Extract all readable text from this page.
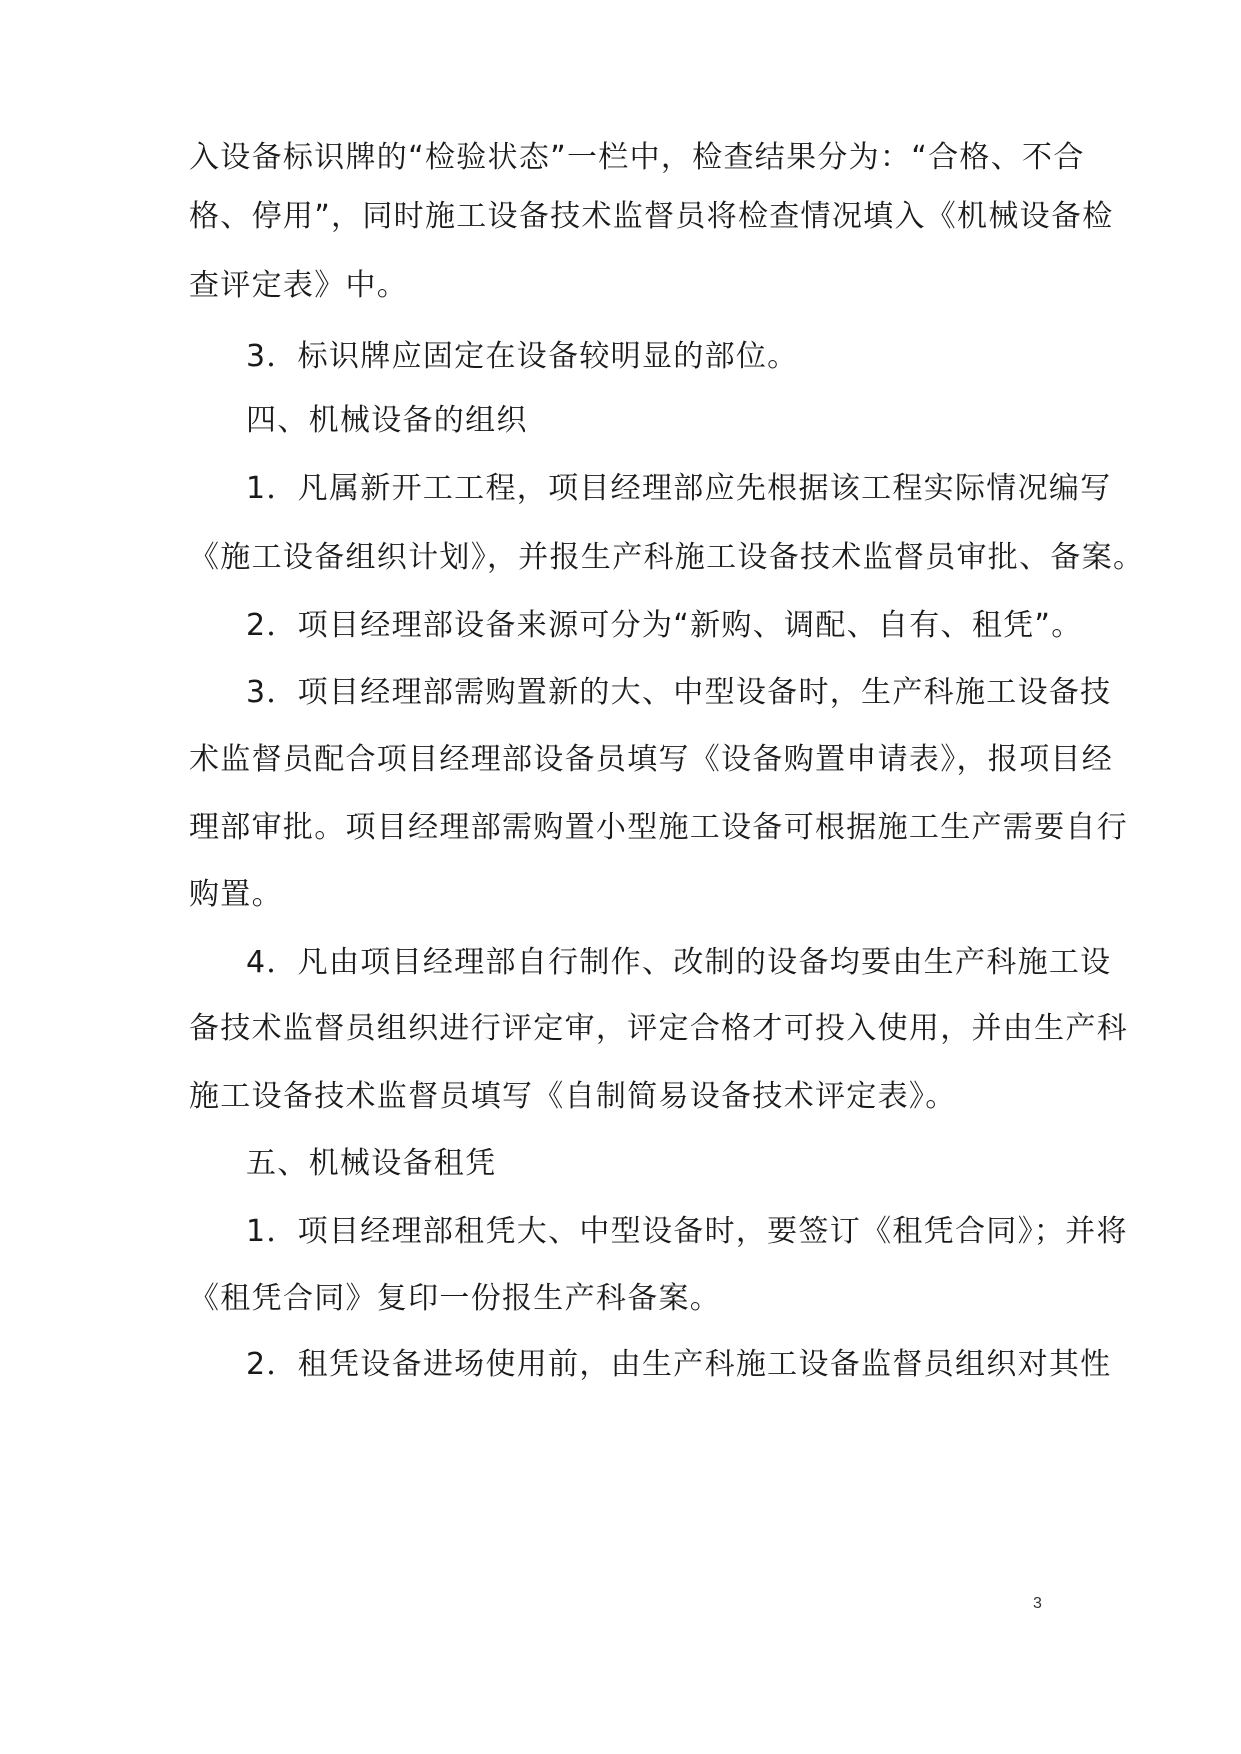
入设备标识牌的“检验状态”一栏中，检查结果分为：“合格、不合
格、停用”，同时施工设备技术监督员将检查情况填入《机械设备检
查评定表》中。
3．标识牌应固定在设备较明显的部位。
四、机械设备的组织
1．凡属新开工工程，项目经理部应先根据该工程实际情况编写
《施工设备组织计划》，并报生产科施工设备技术监督员审批、备案。
2．项目经理部设备来源可分为“新购、调配、自有、租凭”。
3．项目经理部需购置新的大、中型设备时，生产科施工设备技
术监督员配合项目经理部设备员填写《设备购置申请表》，报项目经
理部审批。项目经理部需购置小型施工设备可根据施工生产需要自行
购置。
4．凡由项目经理部自行制作、改制的设备均要由生产科施工设
备技术监督员组织进行评定审，评定合格才可投入使用，并由生产科
施工设备技术监督员填写《自制简易设备技术评定表》。
五、机械设备租凭
1．项目经理部租凭大、中型设备时，要签订《租凭合同》；并将
《租凭合同》复印一份报生产科备案。
2．租凭设备进场使用前，由生产科施工设备监督员组织对其性
3
